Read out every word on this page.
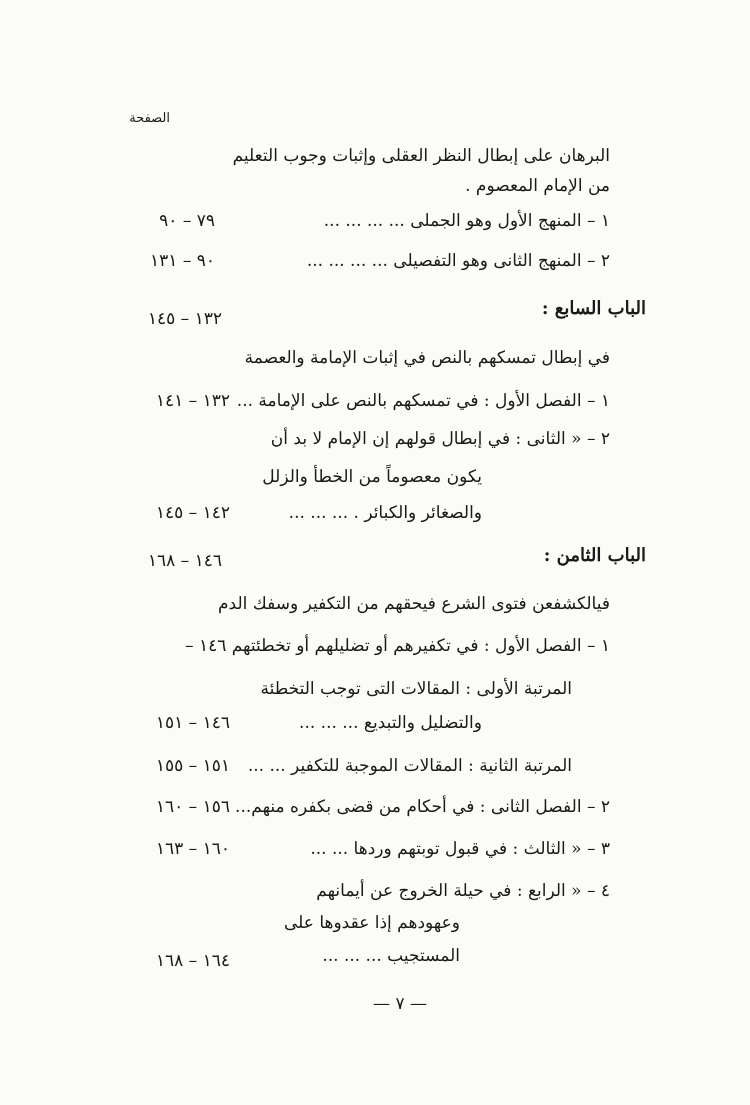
الصفحة
البرهان على إبطال النظر العقلى وإثبات وجوب التعليم
من الإمام المعصوم .
١ – المنهج الأول وهو الجملى ... ... ... ...
٧٩ – ٩٠
٢ – المنهج الثانى وهو التفصيلى ... ... ... ...
٩٠ – ١٣١
الباب السابع :
١٣٢ – ١٤٥
في إبطال تمسكهم بالنص في إثبات الإمامة والعصمة
١ – الفصل الأول : في تمسكهم بالنص على الإمامة ...
١٣٢ – ١٤١
٢ – « الثانى : في إبطال قولهم إن الإمام لا بد أن
يكون معصوماً من الخطأ والزلل
والصغائر والكبائر . ... ... ...
١٤٢ – ١٤٥
الباب الثامن :
١٤٦ – ١٦٨
فيالكشفعن فتوى الشرع فيحقهم من التكفير وسفك الدم
١ – الفصل الأول : في تكفيرهم أو تضليلهم أو تخطئتهم ١٤٦ –
المرتبة الأولى : المقالات التى توجب التخطئة
والتضليل والتبديع ... ... ...
١٤٦ – ١٥١
المرتبة الثانية : المقالات الموجبة للتكفير ... ...
١٥١ – ١٥٥
٢ – الفصل الثانى : في أحكام من قضى بكفره منهم...
١٥٦ – ١٦٠
٣ – « الثالث : في قبول توبتهم وردها ... ...
١٦٠ – ١٦٣
٤ – « الرابع : في حيلة الخروج عن أيمانهم
وعهودهم إذا عقدوها على
المستجيب ... ... ...
١٦٤ – ١٦٨
— ٧ —
